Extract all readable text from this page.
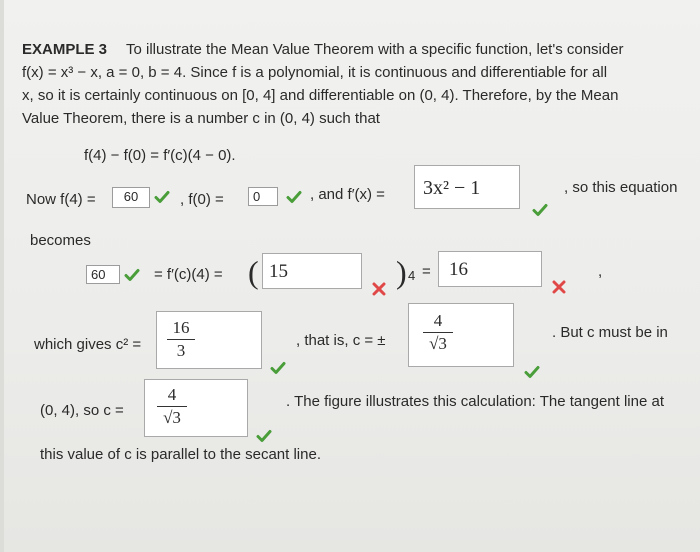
EXAMPLE 3 To illustrate the Mean Value Theorem with a specific function, let's consider
f(x) = x³ − x, a = 0, b = 4. Since f is a polynomial, it is continuous and differentiable for all
x, so it is certainly continuous on [0, 4] and differentiable on (0, 4). Therefore, by the Mean
Value Theorem, there is a number c in (0, 4) such that
f(4) − f(0) = f′(c)(4 − 0).
Now f(4) =	60	, f(0) =	0	, and f′(x) =	3x² − 1	, so this equation
becomes
60	= f′(c)(4) = ( 15	) 4 = 16	,
which gives c² =
16
3
, that is, c = ±
4
√3
. But c must be in
(0, 4), so c =
4
√3
. The figure illustrates this calculation: The tangent line at
this value of c is parallel to the secant line.
